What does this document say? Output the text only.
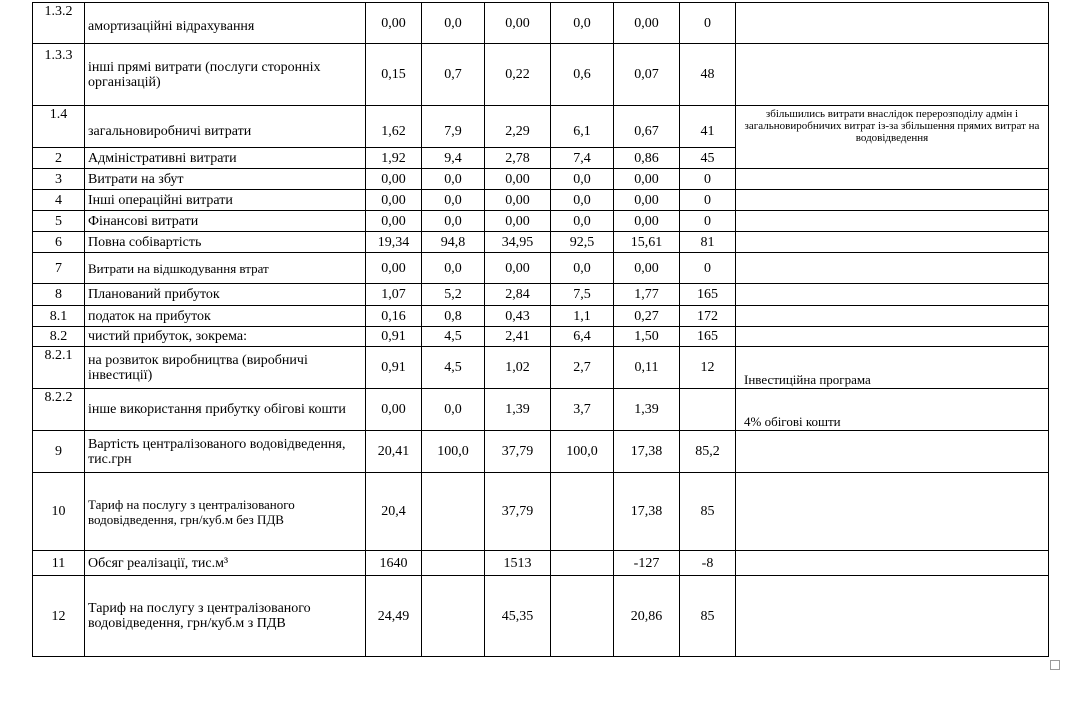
1.3.2	амортизаційні відрахування	0,00	0,0	0,00	0,0	0,00	0	

1.3.3	інші прямі витрати (послуги сторонніх організацій)	0,15	0,7	0,22	0,6	0,07	48	
1.4	загальновиробничі витрати	1,62	7,9	2,29	6,1	0,67	41	збільшились витрати внаслідок перерозподілу адмін і загальновиробничих витрат із-за збільшення прямих витрат на водовідведення
2	Адміністративні витрати	1,92	9,4	2,78	7,4	0,86	45	
3	Витрати на збут	0,00	0,0	0,00	0,0	0,00	0	
4	Інші операційні витрати	0,00	0,0	0,00	0,0	0,00	0	
5	Фінансові витрати	0,00	0,0	0,00	0,0	0,00	0	
6	Повна собівартість	19,34	94,8	34,95	92,5	15,61	81	
7	Витрати на відшкодування втрат	0,00	0,0	0,00	0,0	0,00	0	
8	Планований прибуток	1,07	5,2	2,84	7,5	1,77	165	
8.1	податок на прибуток	0,16	0,8	0,43	1,1	0,27	172	
8.2	чистий прибуток, зокрема:	0,91	4,5	2,41	6,4	1,50	165	
8.2.1	на розвиток виробництва (виробничі інвестиції)	0,91	4,5	1,02	2,7	0,11	12	Інвестиційна програма
8.2.2	інше використання прибутку обігові кошти	0,00	0,0	1,39	3,7	1,39		4% обігові кошти
9	Вартість централізованого водовідведення, тис.грн	20,41	100,0	37,79	100,0	17,38	85,2	
10	Тариф на послугу з централізованого водовідведення, грн/куб.м без ПДВ	20,4		37,79		17,38	85	
11	Обсяг реалізації, тис.м³	1640		1513		-127	-8	
12	Тариф на послугу з централізованого водовідведення, грн/куб.м з ПДВ	24,49		45,35		20,86	85	
